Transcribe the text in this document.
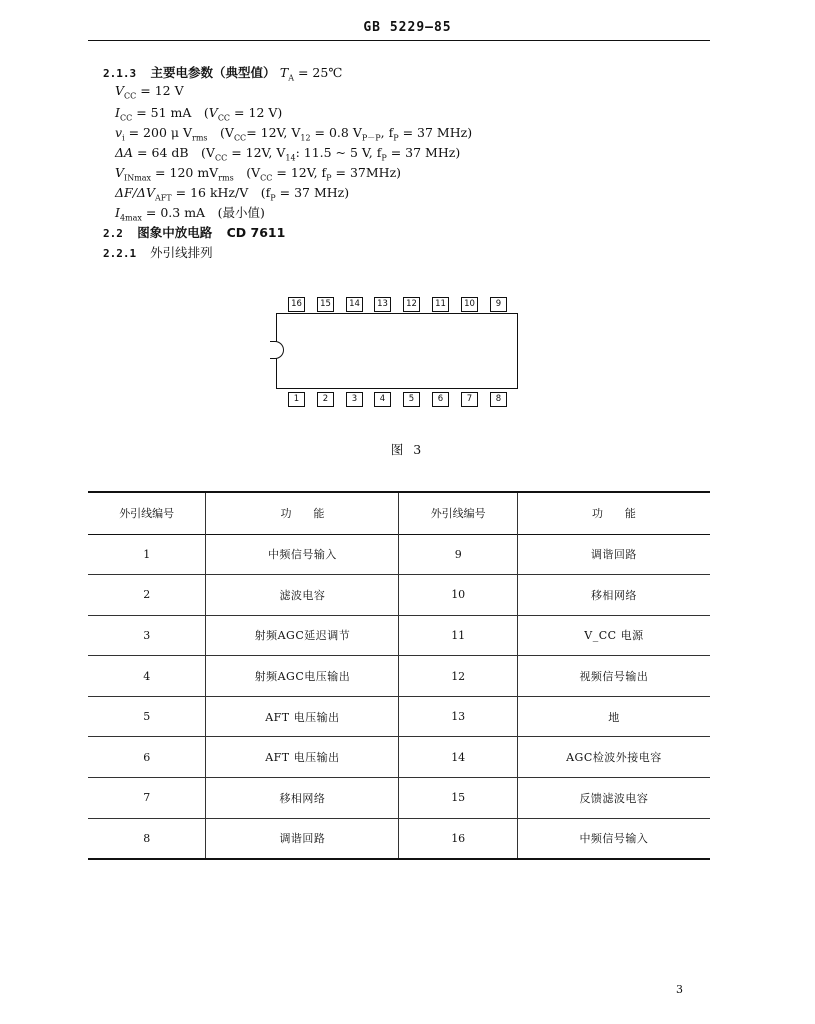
GB 5229—85
2.1.3 主要电参数（典型值） $T_A$ = 25℃
$V_{CC} = 12$ V
$I_{CC} = 51$ mA　($V_{CC} = 12$ V)
$v_i = 200$ μ $V_{rms}$　($V_{CC}= 12V$, $V_{12} = 0.8$ $V_{P-P}$, $f_P = 37$ MHz)
ΔA = 64 dB　($V_{CC} = 12V$, $V_{14}$: 11.5 ~ 5 V, $f_P = 37$ MHz)
$V_{INmax} = 120$ $mV_{rms}$　($V_{CC} = 12V$, $f_P = 37MHz$)
$\Delta F/\Delta V_{AFT} = 16$ kHz/V　($f_P = 37$ MHz)
$I_{4max} = 0.3$ mA　(最小值)
2.2 图象中放电路 CD 7611
2.2.1 外引线排列
16	15	14	13	12	11	10	9
1	2	3	4	5	6	7	8
图 3
外引线编号	功　　能	外引线编号	功　　能
1	中频信号输入	9	调谐回路
2	滤波电容	10	移相网络
3	射频AGC延迟调节	11	V_CC 电源
4	射频AGC电压输出	12	视频信号输出
5	AFT 电压输出	13	地
6	AFT 电压输出	14	AGC检波外接电容
7	移相网络	15	反馈滤波电容
8	调谐回路	16	中频信号输入
3
